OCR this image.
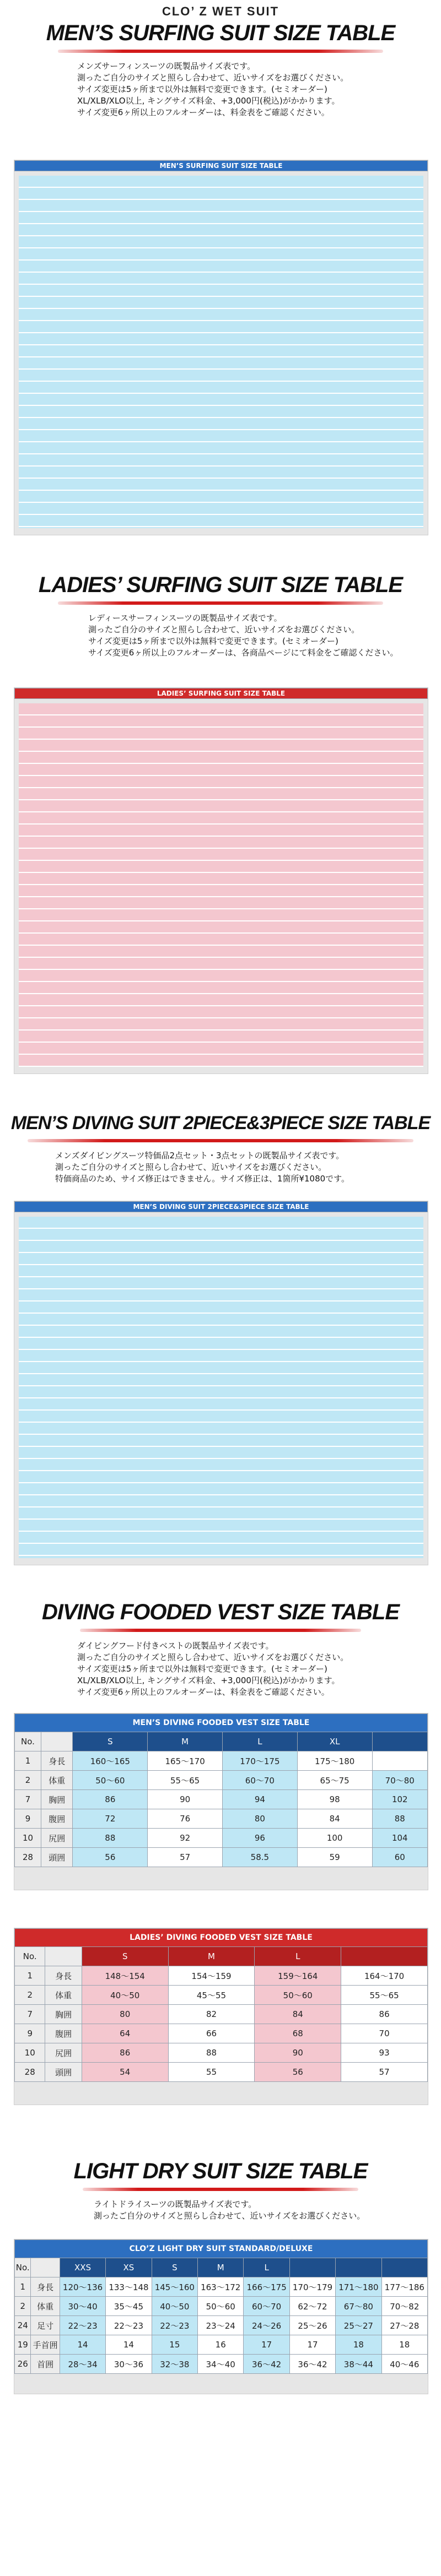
CLO’ Z WET SUIT
MEN’S SURFING SUIT SIZE TABLE
メンズサーフィンスーツの既製品サイズ表です。
測ったご自分のサイズと照らし合わせて、近いサイズをお選びください。
サイズ変更は5ヶ所まで以外は無料で変更できます。(セミオーダー)
XL/XLB/XLO以上, キングサイズ料金、+3,000円(税込)がかかります。
サイズ変更6ヶ所以上のフルオーダーは、料金表をご確認ください。
MEN’S SURFING SUIT SIZE TABLE
LADIES’ SURFING SUIT SIZE TABLE
レディースサーフィンスーツの既製品サイズ表です。
測ったご自分のサイズと照らし合わせて、近いサイズをお選びください。
サイズ変更は5ヶ所まで以外は無料で変更できます。(セミオーダー)
サイズ変更6ヶ所以上のフルオーダーは、各商品ページにて料金をご確認ください。
LADIES’ SURFING SUIT SIZE TABLE
MEN’S DIVING SUIT 2PIECE&3PIECE SIZE TABLE
メンズダイビングスーツ特価品2点セット・3点セットの既製品サイズ表です。
測ったご自分のサイズと照らし合わせて、近いサイズをお選びください。
特価商品のため、サイズ修正はできません。サイズ修正は、1箇所¥1080です。
MEN’S DIVING SUIT 2PIECE&3PIECE SIZE TABLE
DIVING FOODED VEST SIZE TABLE
ダイビングフード付きベストの既製品サイズ表です。
測ったご自分のサイズと照らし合わせて、近いサイズをお選びください。
サイズ変更は5ヶ所まで以外は無料で変更できます。(セミオーダー)
XL/XLB/XLO以上, キングサイズ料金、+3,000円(税込)がかかります。
サイズ変更6ヶ所以上のフルオーダーは、料金表をご確認ください。
MEN’S DIVING FOODED VEST SIZE TABLE						
No.		S	M	L	XL	
1	身長	160〜165	165〜170	170〜175	175〜180	
2	体重	50〜60	55〜65	60〜70	65〜75	70〜80
7	胸囲	86	90	94	98	102
9	腹囲	72	76	80	84	88
10	尻囲	88	92	96	100	104
28	頭囲	56	57	58.5	59	60
LADIES’ DIVING FOODED VEST SIZE TABLE					
No.		S	M	L	
1	身長	148〜154	154〜159	159〜164	164〜170
2	体重	40〜50	45〜55	50〜60	55〜65
7	胸囲	80	82	84	86
9	腹囲	64	66	68	70
10	尻囲	86	88	90	93
28	頭囲	54	55	56	57
LIGHT DRY SUIT SIZE TABLE
ライトドライスーツの既製品サイズ表です。
測ったご自分のサイズと照らし合わせて、近いサイズをお選びください。
CLO’Z LIGHT DRY SUIT STANDARD/DELUXE									
No.		XXS	XS	S	M	L			
1	身長	120〜136	133〜148	145〜160	163〜172	166〜175	170〜179	171〜180	177〜186
2	体重	30〜40	35〜45	40〜50	50〜60	60〜70	62〜72	67〜80	70〜82
24	足寸	22〜23	22〜23	22〜23	23〜24	24〜26	25〜26	25〜27	27〜28
19	手首囲	14	14	15	16	17	17	18	18
26	首囲	28〜34	30〜36	32〜38	34〜40	36〜42	36〜42	38〜44	40〜46
